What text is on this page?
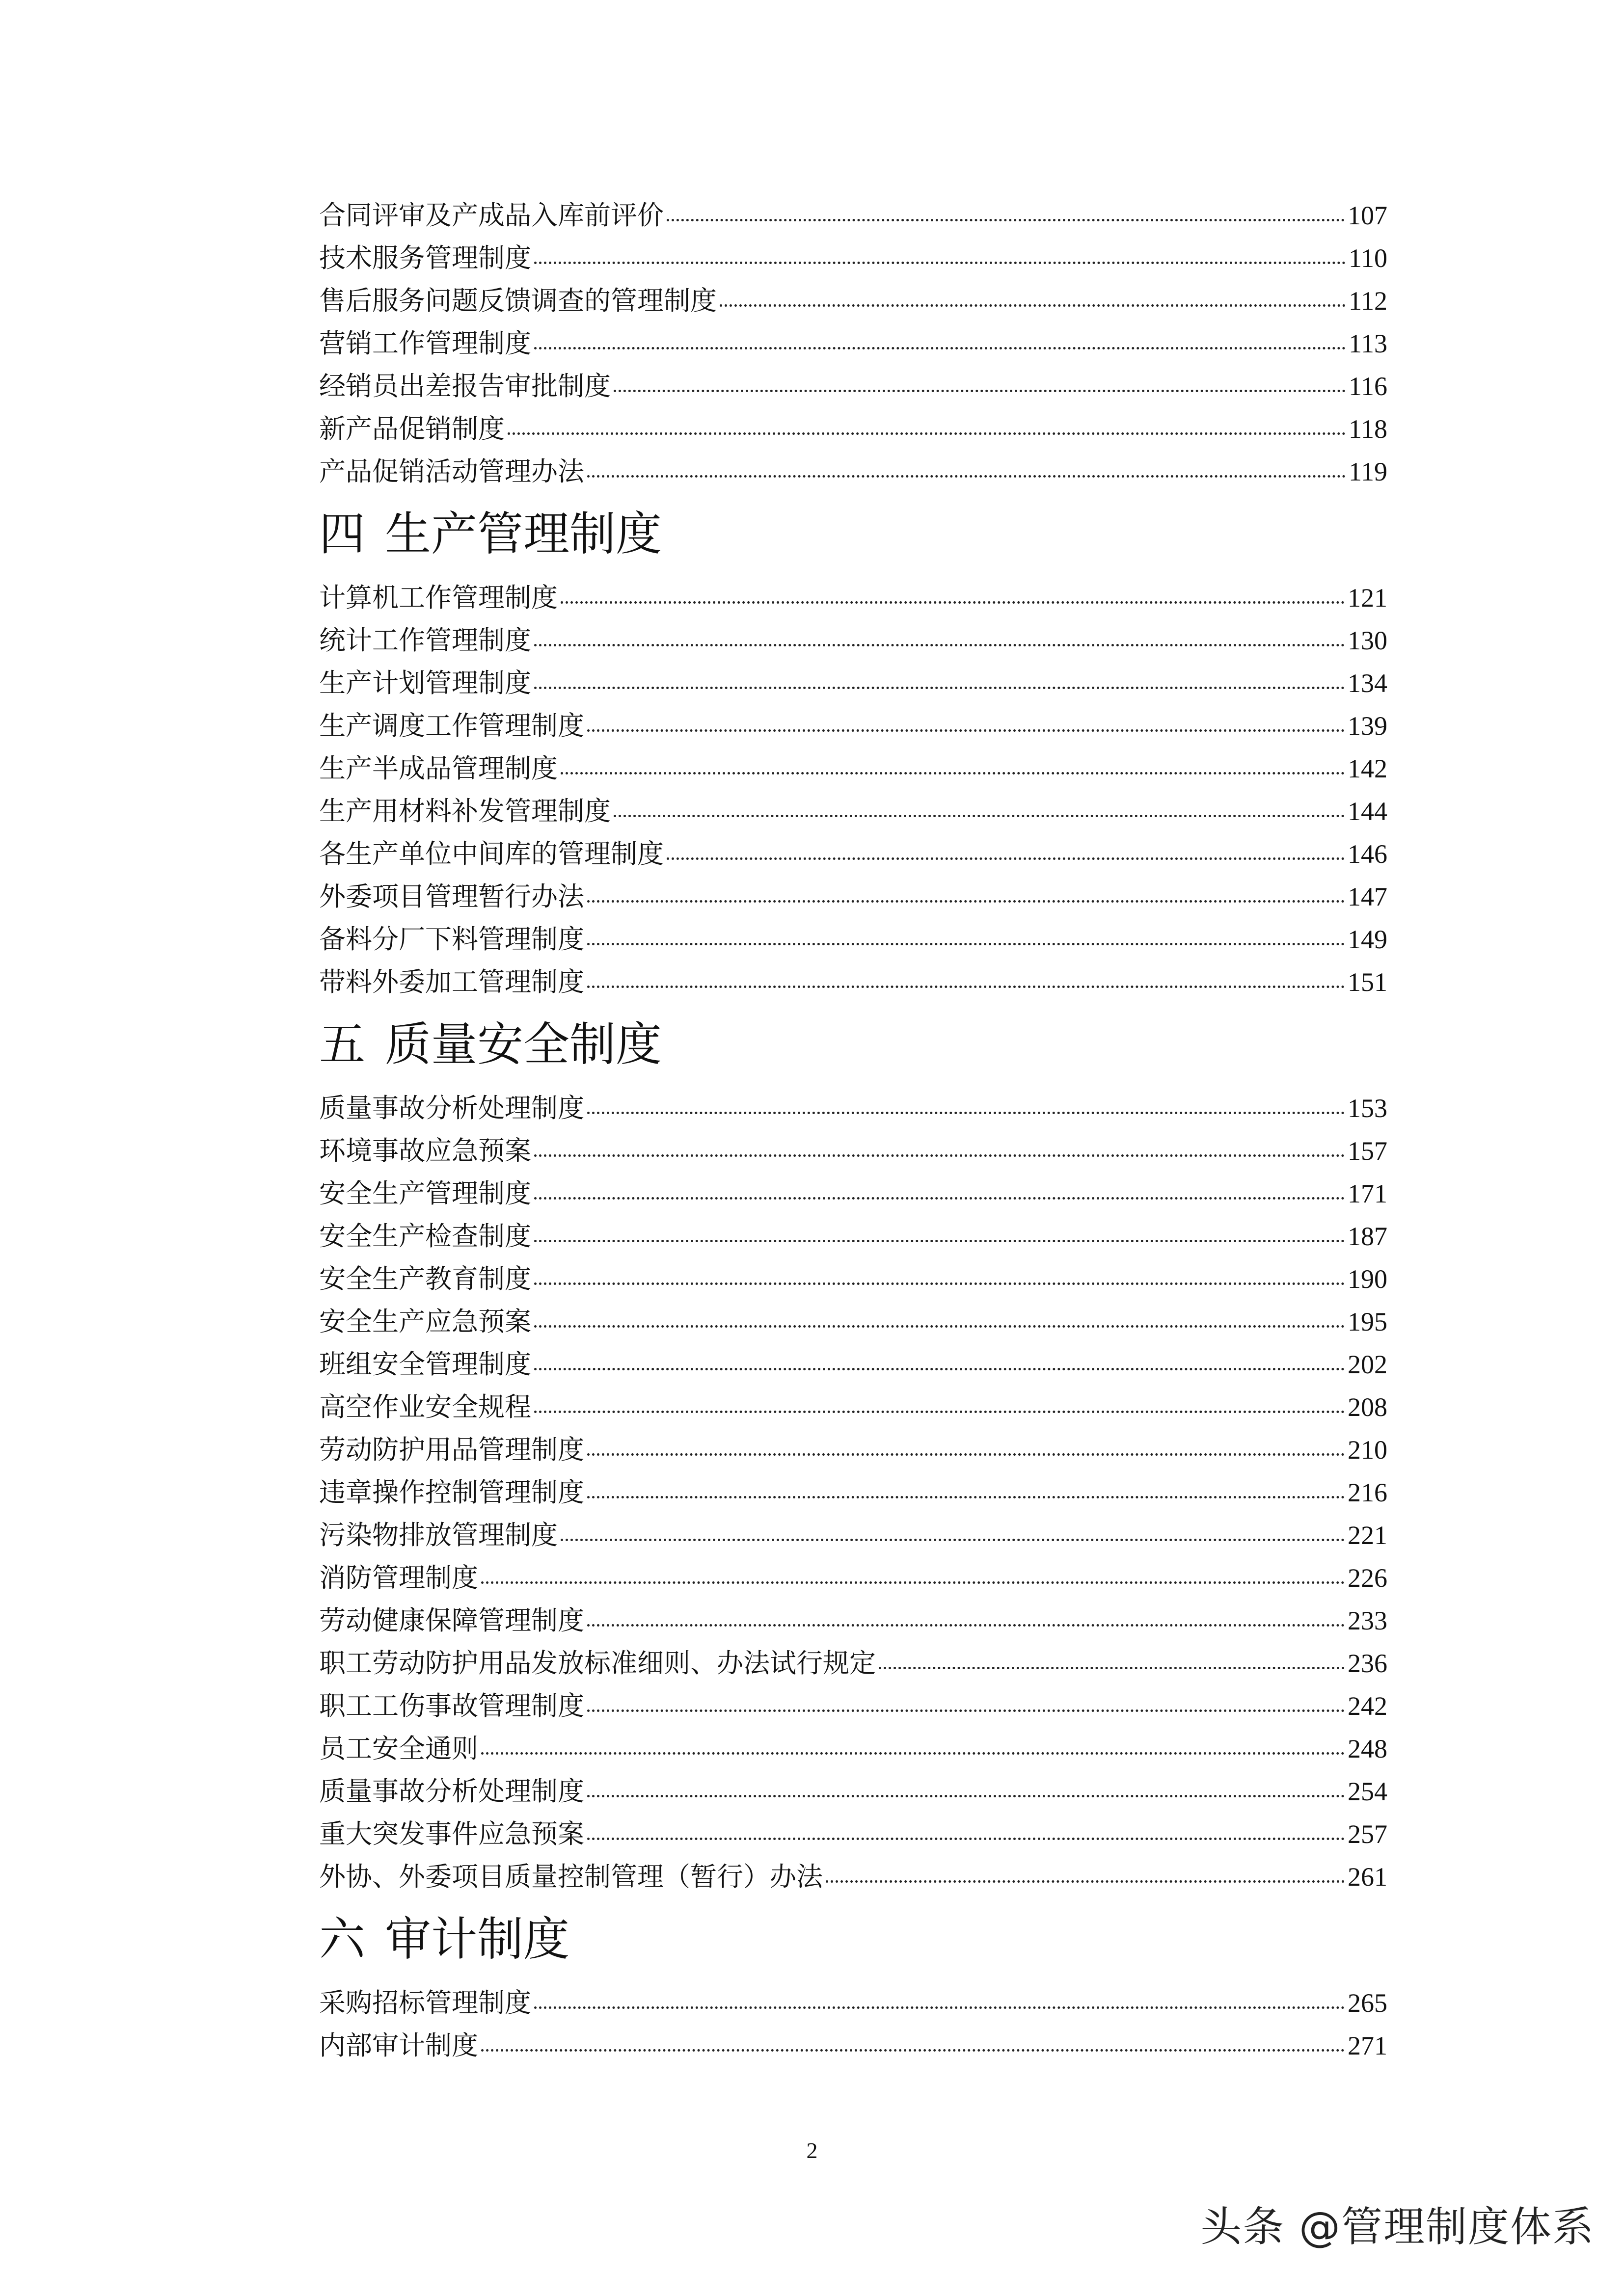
合同评审及产成品入库前评价	107
技术服务管理制度	110
售后服务问题反馈调查的管理制度	112
营销工作管理制度	113
经销员出差报告审批制度	116
新产品促销制度	118
产品促销活动管理办法	119
四 生产管理制度
计算机工作管理制度	121
统计工作管理制度	130
生产计划管理制度	134
生产调度工作管理制度	139
生产半成品管理制度	142
生产用材料补发管理制度	144
各生产单位中间库的管理制度	146
外委项目管理暂行办法	147
备料分厂下料管理制度	149
带料外委加工管理制度	151
五 质量安全制度
质量事故分析处理制度	153
环境事故应急预案	157
安全生产管理制度	171
安全生产检查制度	187
安全生产教育制度	190
安全生产应急预案	195
班组安全管理制度	202
高空作业安全规程	208
劳动防护用品管理制度	210
违章操作控制管理制度	216
污染物排放管理制度	221
消防管理制度	226
劳动健康保障管理制度	233
职工劳动防护用品发放标准细则、办法试行规定	236
职工工伤事故管理制度	242
员工安全通则	248
质量事故分析处理制度	254
重大突发事件应急预案	257
外协、外委项目质量控制管理（暂行）办法	261
六 审计制度
采购招标管理制度	265
内部审计制度	271
2
头条 @管理制度体系
